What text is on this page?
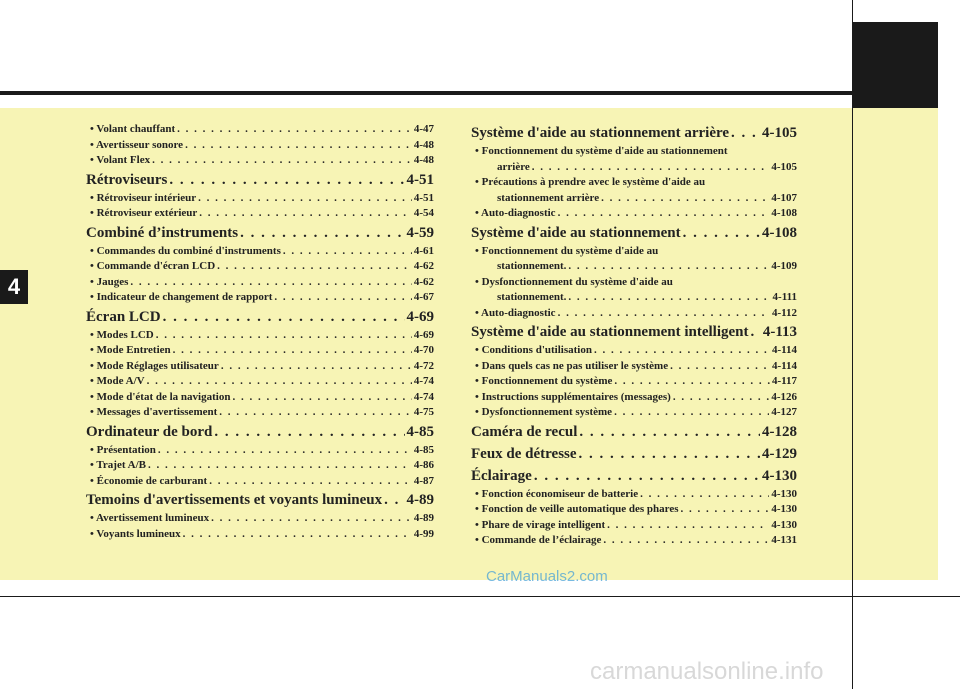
4
• Volant chauffant . . .	4-47
• Avertisseur sonore . . .	4-48
• Volant Flex . . .	4-48
Rétroviseurs . . .	4-51
• Rétroviseur intérieur . . .	4-51
• Rétroviseur extérieur . . .	4-54
Combiné d’instruments . . .	4-59
• Commandes du combiné d'instruments . . .	4-61
• Commande d'écran LCD . . .	4-62
• Jauges . . .	4-62
• Indicateur de changement de rapport . . .	4-67
Écran LCD . . .	4-69
• Modes LCD . . .	4-69
• Mode Entretien . . .	4-70
• Mode Réglages utilisateur . . .	4-72
• Mode A/V . . .	4-74
• Mode d'état de la navigation . . .	4-74
• Messages d'avertissement . . .	4-75
Ordinateur de bord . . .	4-85
• Présentation . . .	4-85
• Trajet A/B . . .	4-86
• Économie de carburant . . .	4-87
Temoins d'avertissements et voyants lumineux . . . 4-89
• Avertissement lumineux . . .	4-89
• Voyants lumineux . . .	4-99
Système d'aide au stationnement arrière . . . 4-105
• Fonctionnement du système d'aide au stationnement
arrière . . .	4-105
• Précautions à prendre avec le système d'aide au
stationnement arrière . . .	4-107
• Auto-diagnostic . . .	4-108
Système d'aide au stationnement . . .	4-108
• Fonctionnement du système d'aide au
stationnement. . . .	4-109
• Dysfonctionnement du système d'aide au
stationnement. . . .	4-111
• Auto-diagnostic . . .	4-112
Système d'aide au stationnement intelligent . . . 4-113
• Conditions d'utilisation . . .	4-114
• Dans quels cas ne pas utiliser le système . . .	4-114
• Fonctionnement du système . . .	4-117
• Instructions supplémentaires (messages) . . .	4-126
• Dysfonctionnement système . . .	4-127
Caméra de recul . . .	4-128
Feux de détresse . . .	4-129
Éclairage . . .	4-130
• Fonction économiseur de batterie . . .	4-130
• Fonction de veille automatique des phares . . .	4-130
• Phare de virage intelligent . . .	4-130
• Commande de l’éclairage . . .	4-131
CarManuals2.com
carmanualsonline.info
